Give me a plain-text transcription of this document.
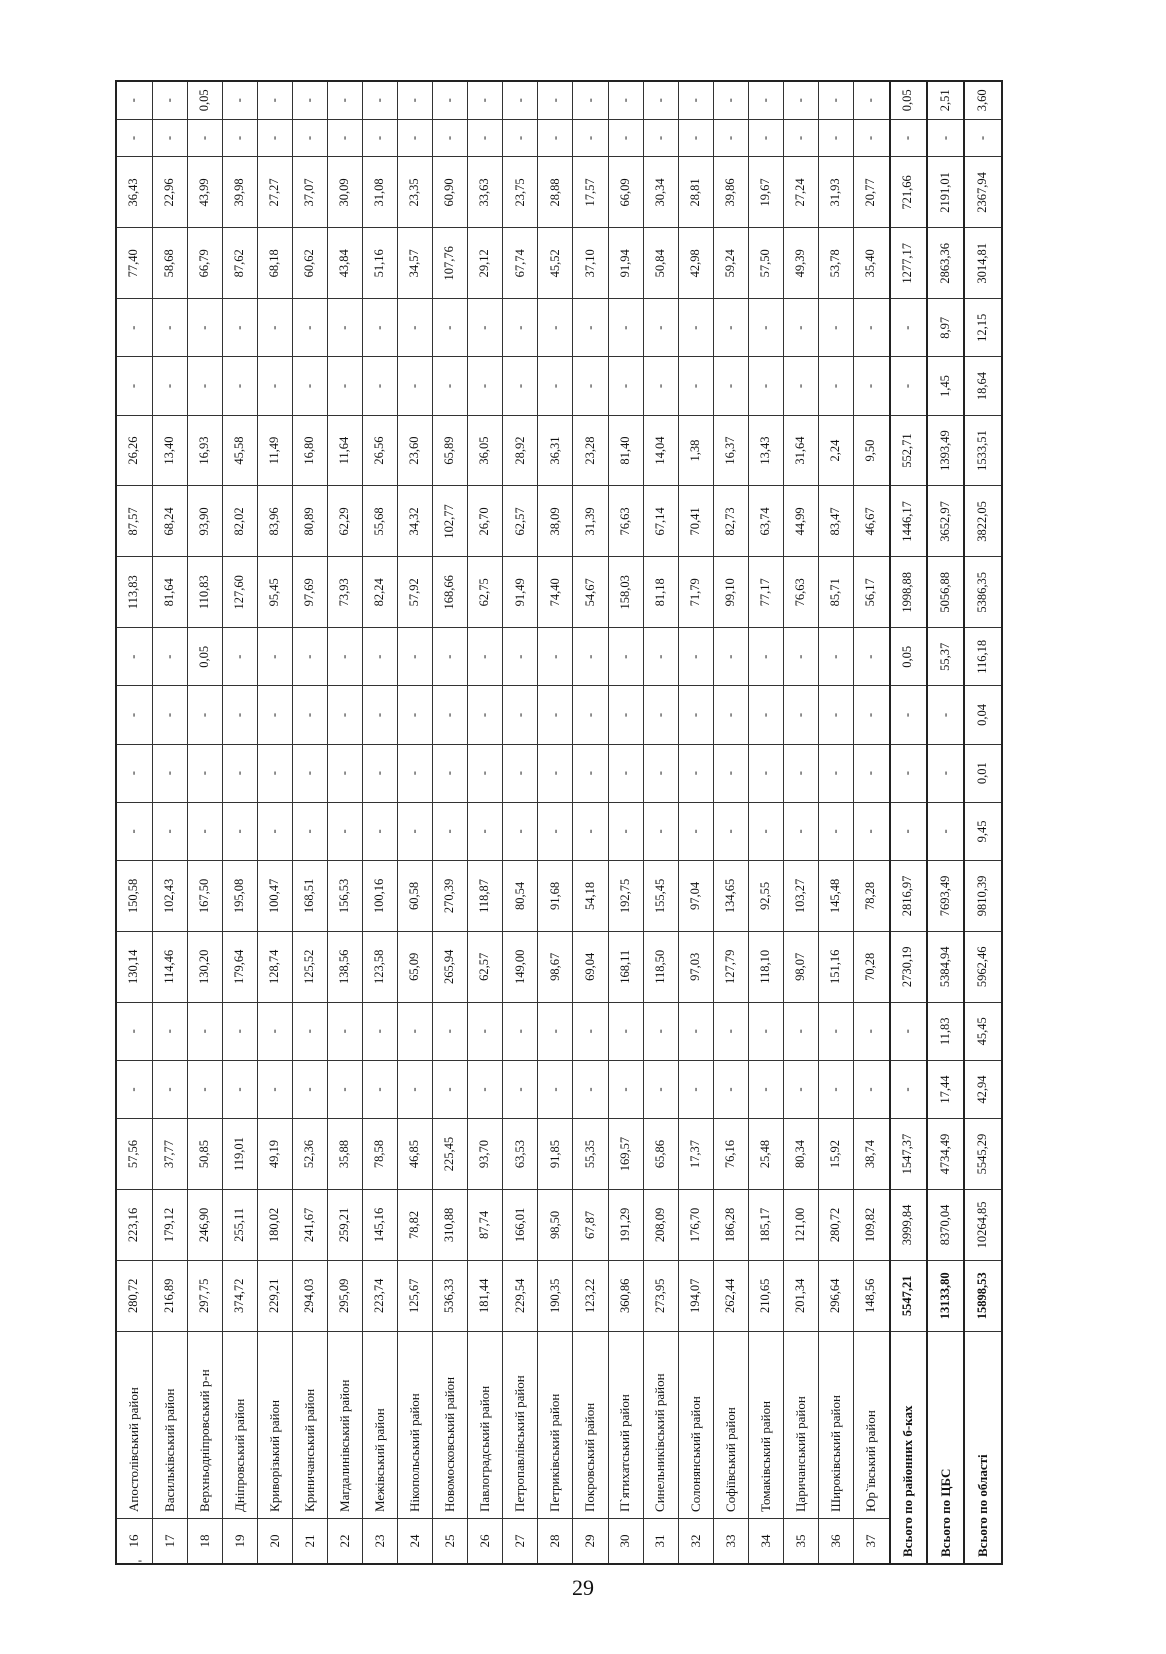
16	Апостолівський район	280,72	223,16	57,56	-	-	130,14	150,58	-	-	-	-	113,83	87,57	26,26	-	-	77,40	36,43	-	-
17	Васильківський район	216,89	179,12	37,77	-	-	114,46	102,43	-	-	-	-	81,64	68,24	13,40	-	-	58,68	22,96	-	-
18	Верхньодніпровський р-н	297,75	246,90	50,85	-	-	130,20	167,50	-	-	-	0,05	110,83	93,90	16,93	-	-	66,79	43,99	-	0,05
19	Дніпровський район	374,72	255,11	119,01	-	-	179,64	195,08	-	-	-	-	127,60	82,02	45,58	-	-	87,62	39,98	-	-
20	Криворізький район	229,21	180,02	49,19	-	-	128,74	100,47	-	-	-	-	95,45	83,96	11,49	-	-	68,18	27,27	-	-
21	Криничанський район	294,03	241,67	52,36	-	-	125,52	168,51	-	-	-	-	97,69	80,89	16,80	-	-	60,62	37,07	-	-
22	Магдалинівський район	295,09	259,21	35,88	-	-	138,56	156,53	-	-	-	-	73,93	62,29	11,64	-	-	43,84	30,09	-	-
23	Межівський район	223,74	145,16	78,58	-	-	123,58	100,16	-	-	-	-	82,24	55,68	26,56	-	-	51,16	31,08	-	-
24	Нікопольський район	125,67	78,82	46,85	-	-	65,09	60,58	-	-	-	-	57,92	34,32	23,60	-	-	34,57	23,35	-	-
25	Новомосковський район	536,33	310,88	225,45	-	-	265,94	270,39	-	-	-	-	168,66	102,77	65,89	-	-	107,76	60,90	-	-
26	Павлоградський район	181,44	87,74	93,70	-	-	62,57	118,87	-	-	-	-	62,75	26,70	36,05	-	-	29,12	33,63	-	-
27	Петропавлівський район	229,54	166,01	63,53	-	-	149,00	80,54	-	-	-	-	91,49	62,57	28,92	-	-	67,74	23,75	-	-
28	Петриківський район	190,35	98,50	91,85	-	-	98,67	91,68	-	-	-	-	74,40	38,09	36,31	-	-	45,52	28,88	-	-
29	Покровський район	123,22	67,87	55,35	-	-	69,04	54,18	-	-	-	-	54,67	31,39	23,28	-	-	37,10	17,57	-	-
30	П`ятихатський район	360,86	191,29	169,57	-	-	168,11	192,75	-	-	-	-	158,03	76,63	81,40	-	-	91,94	66,09	-	-
31	Синельниківський район	273,95	208,09	65,86	-	-	118,50	155,45	-	-	-	-	81,18	67,14	14,04	-	-	50,84	30,34	-	-
32	Солонянський район	194,07	176,70	17,37	-	-	97,03	97,04	-	-	-	-	71,79	70,41	1,38	-	-	42,98	28,81	-	-
33	Софіївський район	262,44	186,28	76,16	-	-	127,79	134,65	-	-	-	-	99,10	82,73	16,37	-	-	59,24	39,86	-	-
34	Томаківський район	210,65	185,17	25,48	-	-	118,10	92,55	-	-	-	-	77,17	63,74	13,43	-	-	57,50	19,67	-	-
35	Царичанський район	201,34	121,00	80,34	-	-	98,07	103,27	-	-	-	-	76,63	44,99	31,64	-	-	49,39	27,24	-	-
36	Широківський район	296,64	280,72	15,92	-	-	151,16	145,48	-	-	-	-	85,71	83,47	2,24	-	-	53,78	31,93	-	-
37	Юр`ївський район	148,56	109,82	38,74	-	-	70,28	78,28	-	-	-	-	56,17	46,67	9,50	-	-	35,40	20,77	-	-
Всього по районних б-ках		5547,21	3999,84	1547,37	-	-	2730,19	2816,97	-	-	-	0,05	1998,88	1446,17	552,71	-	-	1277,17	721,66	-	0,05
Всього по ЦБС		13133,80	8370,04	4734,49	17,44	11,83	5384,94	7693,49	-	-	-	55,37	5056,88	3652,97	1393,49	1,45	8,97	2863,36	2191,01	-	2,51
Всього по області		15898,53	10264,85	5545,29	42,94	45,45	5962,46	9810,39	9,45	0,01	0,04	116,18	5386,35	3822,05	1533,51	18,64	12,15	3014,81	2367,94	-	3,60
-
29
